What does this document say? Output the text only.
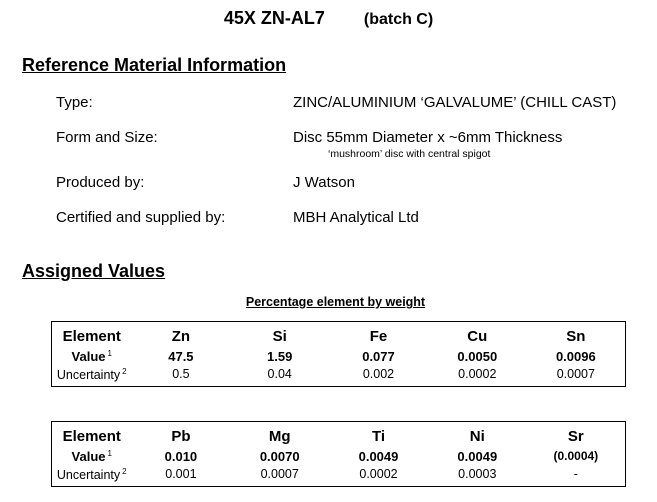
45X ZN-AL7 (batch C)
Reference Material Information
Type:	ZINC/ALUMINIUM ‘GALVALUME’ (CHILL CAST)
Form and Size:	Disc 55mm Diameter x ~6mm Thickness
‘mushroom’ disc with central spigot
Produced by:	J Watson
Certified and supplied by:	MBH Analytical Ltd
Assigned Values
Percentage element by weight
Element	Zn	Si	Fe	Cu	Sn
Value $^1$	47.5	1.59	0.077	0.0050	0.0096
Uncertainty $^2$	0.5	0.04	0.002	0.0002	0.0007
Element	Pb	Mg	Ti	Ni	Sr
Value $^1$	0.010	0.0070	0.0049	0.0049	(0.0004)
Uncertainty $^2$	0.001	0.0007	0.0002	0.0003	-
